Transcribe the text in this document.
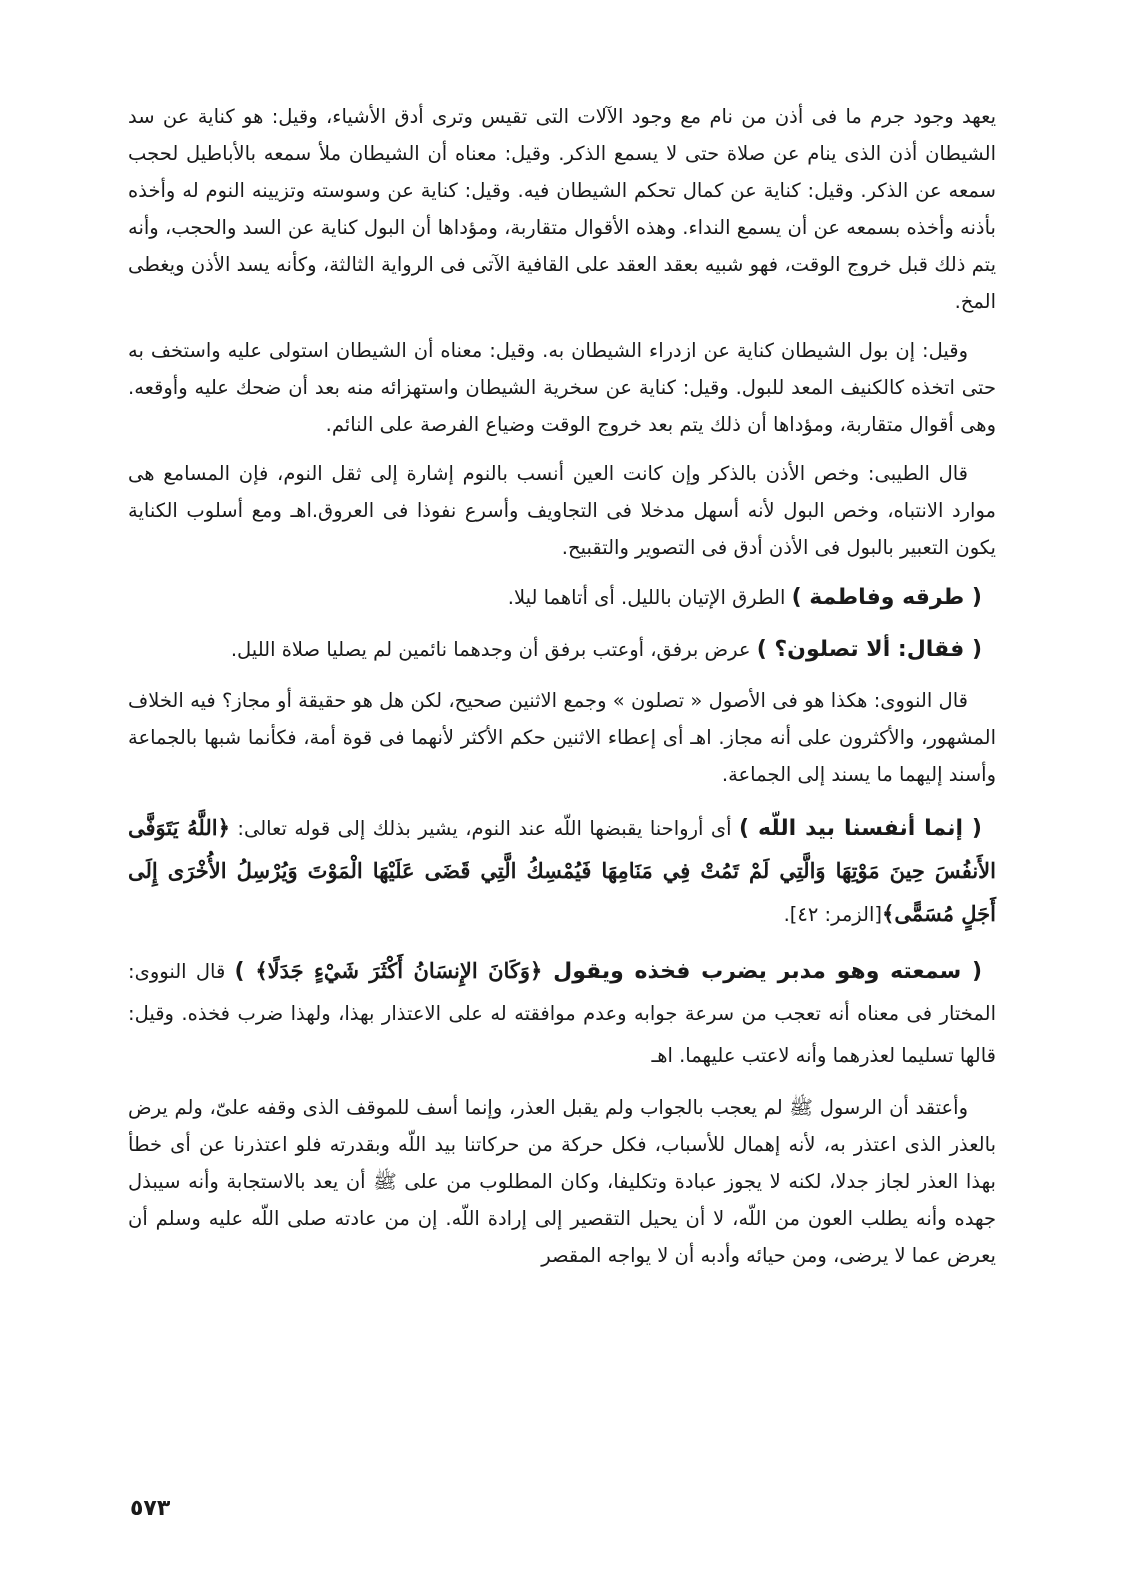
يعهد وجود جرم ما فى أذن من نام مع وجود الآلات التى تقيس وترى أدق الأشياء، وقيل: هو كناية عن سد الشيطان أذن الذى ينام عن صلاة حتى لا يسمع الذكر. وقيل: معناه أن الشيطان ملأ سمعه بالأباطيل لحجب سمعه عن الذكر. وقيل: كناية عن كمال تحكم الشيطان فيه. وقيل: كناية عن وسوسته وتزيينه النوم له وأخذه بأذنه وأخذه بسمعه عن أن يسمع النداء. وهذه الأقوال متقاربة، ومؤداها أن البول كناية عن السد والحجب، وأنه يتم ذلك قبل خروج الوقت، فهو شبيه بعقد العقد على القافية الآتى فى الرواية الثالثة، وكأنه يسد الأذن ويغطى المخ.

وقيل: إن بول الشيطان كناية عن ازدراء الشيطان به. وقيل: معناه أن الشيطان استولى عليه واستخف به حتى اتخذه كالكنيف المعد للبول. وقيل: كناية عن سخرية الشيطان واستهزائه منه بعد أن ضحك عليه وأوقعه. وهى أقوال متقاربة، ومؤداها أن ذلك يتم بعد خروج الوقت وضياع الفرصة على النائم.

قال الطيبى: وخص الأذن بالذكر وإن كانت العين أنسب بالنوم إشارة إلى ثقل النوم، فإن المسامع هى موارد الانتباه، وخص البول لأنه أسهل مدخلا فى التجاويف وأسرع نفوذا فى العروق.اهـ ومع أسلوب الكناية يكون التعبير بالبول فى الأذن أدق فى التصوير والتقبيح.

( طرقه وفاطمة ) الطرق الإتيان بالليل. أى أتاهما ليلا.

( فقال: ألا تصلون؟ ) عرض برفق، أوعتب برفق أن وجدهما نائمين لم يصليا صلاة الليل.

قال النووى: هكذا هو فى الأصول « تصلون » وجمع الاثنين صحيح، لكن هل هو حقيقة أو مجاز؟ فيه الخلاف المشهور، والأكثرون على أنه مجاز. اهـ أى إعطاء الاثنين حكم الأكثر لأنهما فى قوة أمة، فكأنما شبها بالجماعة وأسند إليهما ما يسند إلى الجماعة.

( إنما أنفسنا بيد اللّه ) أى أرواحنا يقبضها اللّه عند النوم، يشير بذلك إلى قوله تعالى: ﴿اللَّهُ يَتَوَفَّى الأَنفُسَ حِينَ مَوْتِهَا وَالَّتِي لَمْ تَمُتْ فِي مَنَامِهَا فَيُمْسِكُ الَّتِي قَضَى عَلَيْهَا الْمَوْتَ وَيُرْسِلُ الأُخْرَى إِلَى أَجَلٍ مُسَمًّى﴾[الزمر: ٤٢].

( سمعته وهو مدبر يضرب فخذه ويقول ﴿وَكَانَ الإِنسَانُ أَكْثَرَ شَيْءٍ جَدَلًا﴾ ) قال النووى: المختار فى معناه أنه تعجب من سرعة جوابه وعدم موافقته له على الاعتذار بهذا، ولهذا ضرب فخذه. وقيل: قالها تسليما لعذرهما وأنه لاعتب عليهما. اهـ

وأعتقد أن الرسول ﷺ لم يعجب بالجواب ولم يقبل العذر، وإنما أسف للموقف الذى وقفه علىّ، ولم يرض بالعذر الذى اعتذر به، لأنه إهمال للأسباب، فكل حركة من حركاتنا بيد اللّه وبقدرته فلو اعتذرنا عن أى خطأ بهذا العذر لجاز جدلا، لكنه لا يجوز عبادة وتكليفا، وكان المطلوب من على ﷺ أن يعد بالاستجابة وأنه سيبذل جهده وأنه يطلب العون من اللّه، لا أن يحيل التقصير إلى إرادة اللّه. إن من عادته صلى اللّه عليه وسلم أن يعرض عما لا يرضى، ومن حيائه وأدبه أن لا يواجه المقصر

٥٧٣
